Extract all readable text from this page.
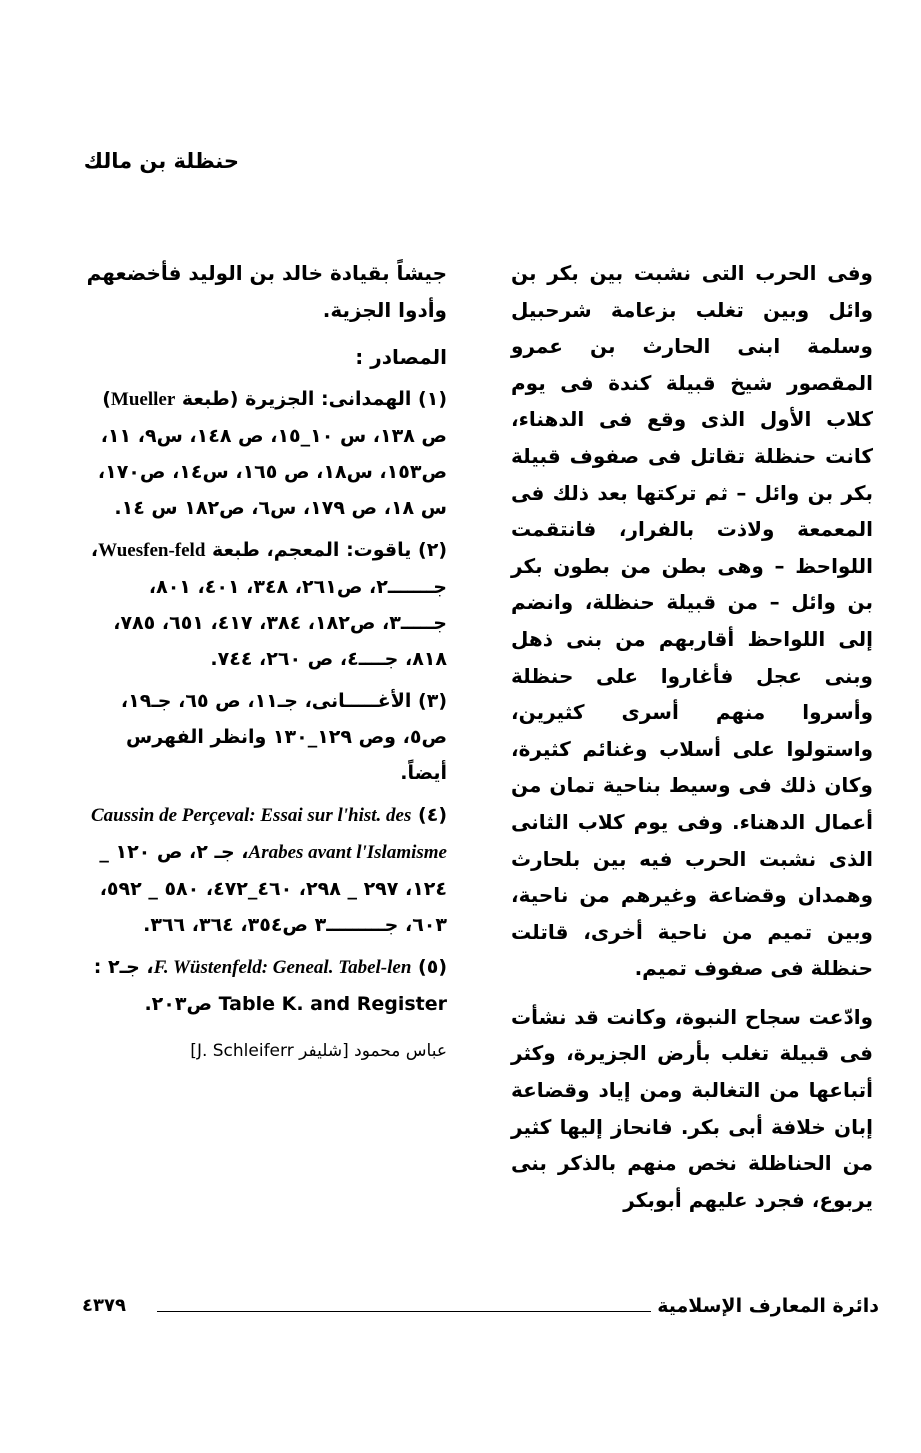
حنظلة بن مالك

وفى الحرب التى نشبت بين بكر بن وائل وبين تغلب بزعامة شرحبيل وسلمة ابنى الحارث بن عمرو المقصور شيخ قبيلة كندة فى يوم كلاب الأول الذى وقع فى الدهناء، كانت حنظلة تقاتل فى صفوف قبيلة بكر بن وائل – ثم تركتها بعد ذلك فى المعمعة ولاذت بالفرار، فانتقمت اللواحظ – وهى بطن من بطون بكر بن وائل – من قبيلة حنظلة، وانضم إلى اللواحظ أقاربهم من بنى ذهل وبنى عجل فأغاروا على حنظلة وأسروا منهم أسرى كثيرين، واستولوا على أسلاب وغنائم كثيرة، وكان ذلك فى وسيط بناحية تمان من أعمال الدهناء. وفى يوم كلاب الثانى الذى نشبت الحرب فيه بين بلحارث وهمدان وقضاعة وغيرهم من ناحية، وبين تميم من ناحية أخرى، قاتلت حنظلة فى صفوف تميم.

وادّعت سجاح النبوة، وكانت قد نشأت فى قبيلة تغلب بأرض الجزيرة، وكثر أتباعها من التغالبة ومن إياد وقضاعة إبان خلافة أبى بكر. فانحاز إليها كثير من الحناظلة نخص منهم بالذكر بنى يربوع، فجرد عليهم أبوبكر

جيشاً بقيادة خالد بن الوليد فأخضعهم وأدوا الجزية.

المصادر :

(١) الهمدانى: الجزيرة (طبعة Mueller) ص ١٣٨، س ١٠_١٥، ص ١٤٨، س٩، ١١، ص١٥٣، س١٨، ص ١٦٥، س١٤، ص١٧٠، س ١٨، ص ١٧٩، س٦، ص١٨٢ س ١٤.

(٢) ياقوت: المعجم، طبعة Wuesfen-feld، جـــــــ٢، ص٢٦١، ٣٤٨، ٤٠١، ٨٠١، جـــــ٣، ص١٨٢، ٣٨٤، ٤١٧، ٦٥١، ٧٨٥، ٨١٨، جــــ٤، ص ٢٦٠، ٧٤٤.

(٣) الأغـــــانى، جـ١١، ص ٦٥، جـ١٩، ص٥، وص ١٢٩_١٣٠ وانظر الفهرس أيضاً.

(٤) Caussin de Perçeval: Essai sur l'hist. des Arabes avant l'Islamisme، جـ ٢، ص ١٢٠ _ ١٢٤، ٢٩٧ _ ٢٩٨، ٤٦٠_٤٧٢، ٥٨٠ _ ٥٩٢، ٦٠٣، جـــــــــ٣ ص٣٥٤، ٣٦٤، ٣٦٦.

(٥) F. Wüstenfeld: Geneal. Tabel-len، جـ٢ : Table K. and Register ص٢٠٣.

عباس محمود [شليفر J. Schleiferr]

دائرة المعارف الإسلامية
٤٣٧٩
